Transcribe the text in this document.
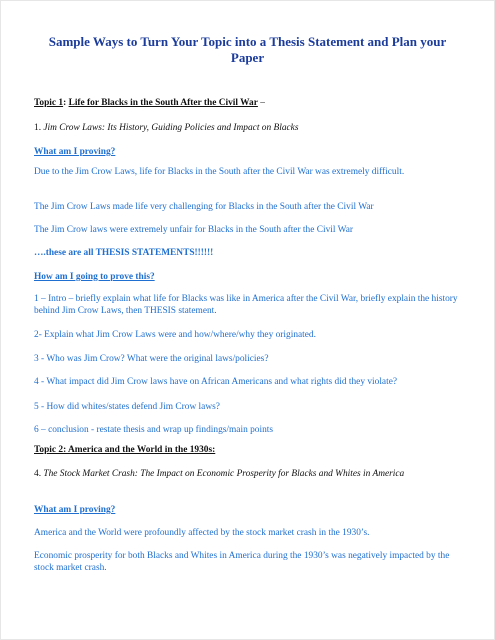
Sample Ways to Turn Your Topic into a Thesis Statement and Plan your Paper

Topic 1: Life for Blacks in the South After the Civil War –

1. Jim Crow Laws: Its History, Guiding Policies and Impact on Blacks

What am I proving?

Due to the Jim Crow Laws, life for Blacks in the South after the Civil War was extremely difficult.

The Jim Crow Laws made life very challenging for Blacks in the South after the Civil War

The Jim Crow laws were extremely unfair for Blacks in the South after the Civil War

….these are all THESIS STATEMENTS!!!!!!

How am I going to prove this?

1 – Intro – briefly explain what life for Blacks was like in America after the Civil War, briefly explain the history behind Jim Crow Laws, then THESIS statement.

2- Explain what Jim Crow Laws were and how/where/why they originated.

3 - Who was Jim Crow? What were the original laws/policies?

4 - What impact did Jim Crow laws have on African Americans and what rights did they violate?

5 - How did whites/states defend Jim Crow laws?

6 – conclusion - restate thesis and wrap up findings/main points

Topic 2: America and the World in the 1930s:

4. The Stock Market Crash: The Impact on Economic Prosperity for Blacks and Whites in America

What am I proving?

America and the World were profoundly affected by the stock market crash in the 1930’s.

Economic prosperity for both Blacks and Whites in America during the 1930’s was negatively impacted by the stock market crash.
